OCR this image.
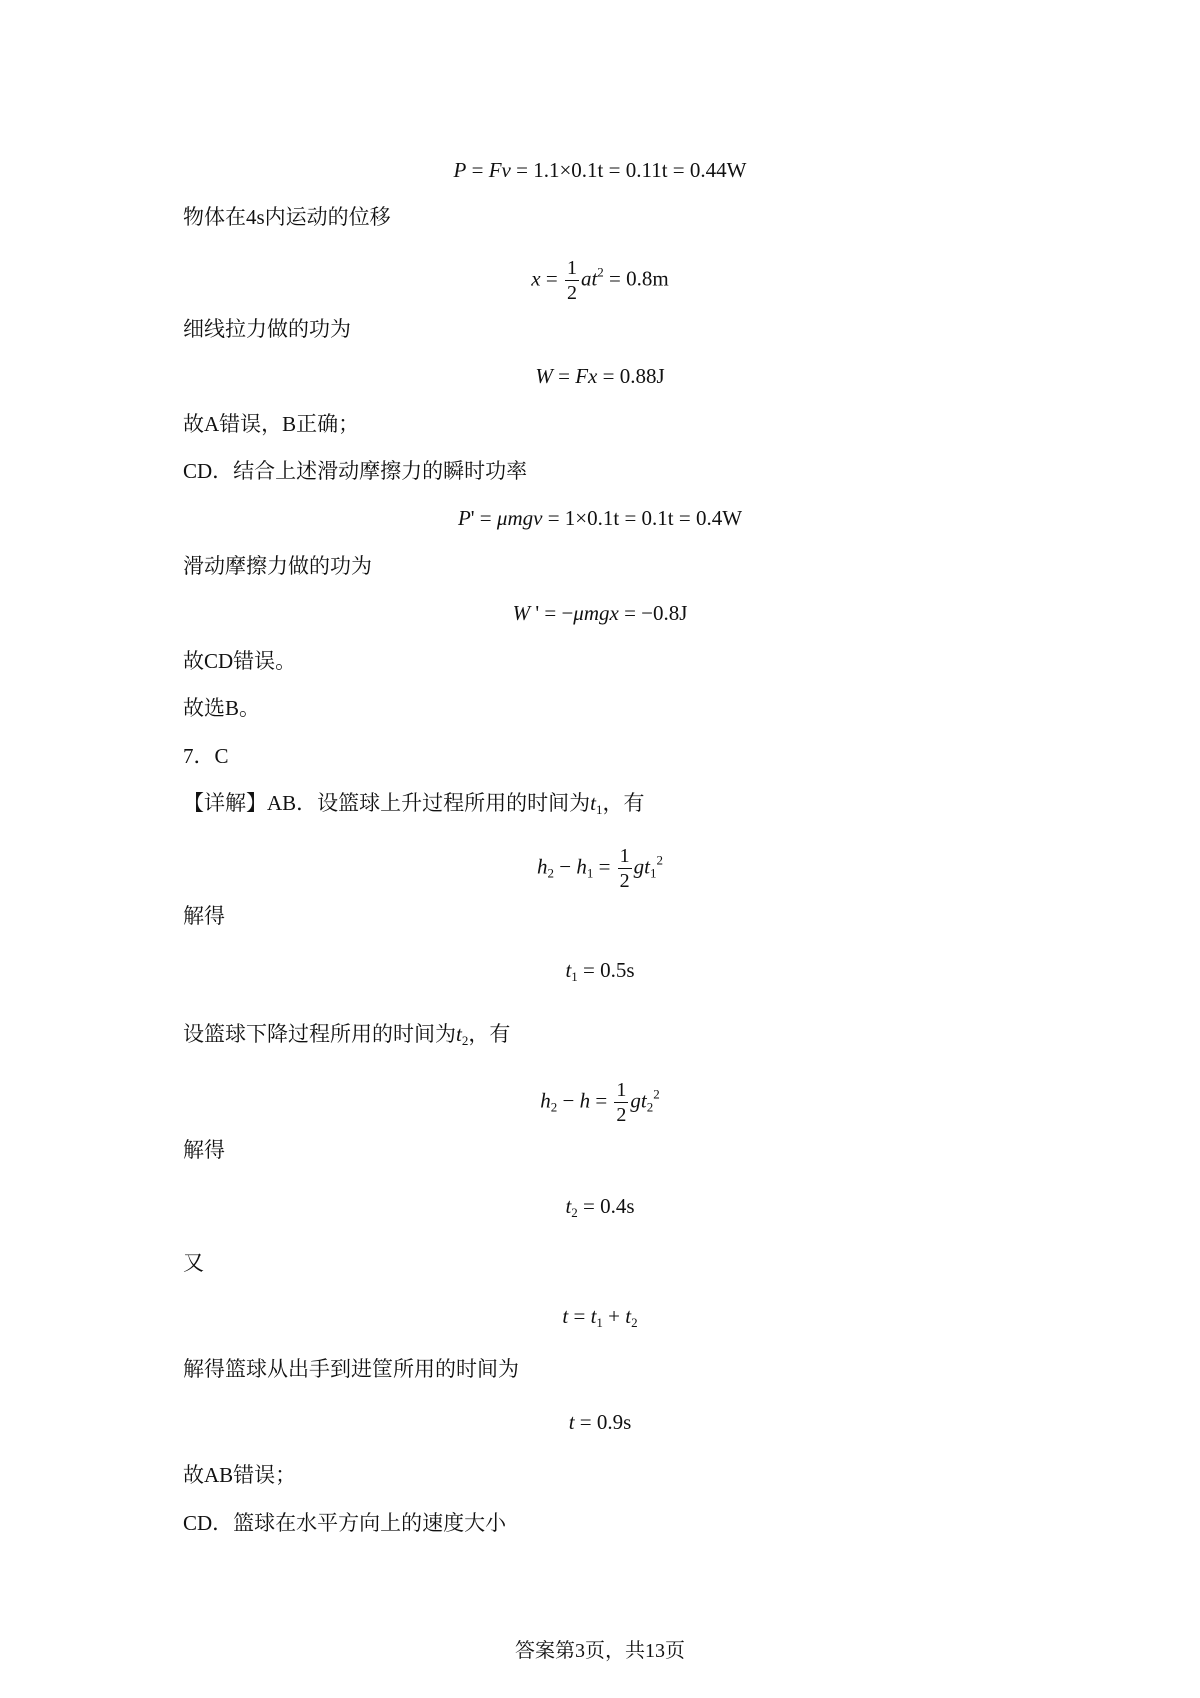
P = Fv = 1.1×0.1t = 0.11t = 0.44W
物体在4s内运动的位移
$x = \frac{1}{2} at^2 = 0.8m$
细线拉力做的功为
W = Fx = 0.88J
故A错误，B正确；
CD．结合上述滑动摩擦力的瞬时功率
P' = μmgv = 1×0.1t = 0.1t = 0.4W
滑动摩擦力做的功为
W ' = −μmgx = −0.8J
故CD错误。
故选B。
7．C
【详解】AB．设篮球上升过程所用的时间为$t_1$，有
$h_2 - h_1 = \frac{1}{2} gt_1^2$
解得
$t_1 = 0.5s$
设篮球下降过程所用的时间为$t_2$，有
$h_2 - h = \frac{1}{2} gt_2^2$
解得
$t_2 = 0.4s$
又
$t = t_1 + t_2$
解得篮球从出手到进筐所用的时间为
t = 0.9s
故AB错误；
CD．篮球在水平方向上的速度大小
答案第3页，共13页
